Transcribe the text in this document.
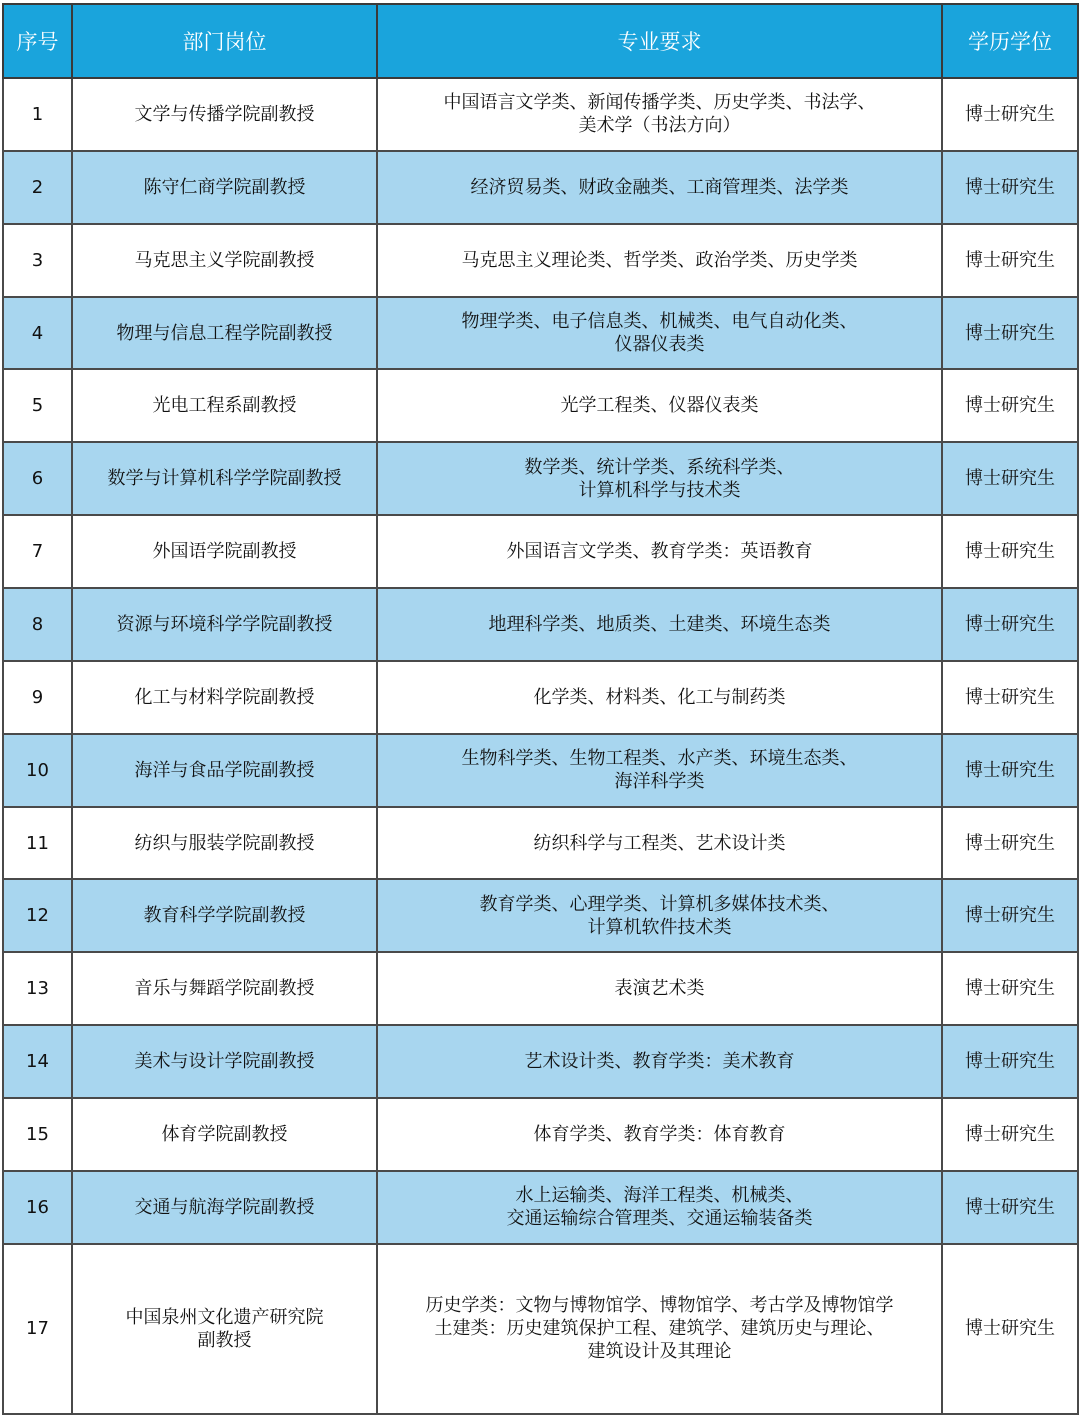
序号	部门岗位	专业要求	学历学位
1	文学与传播学院副教授	中国语言文学类、新闻传播学类、历史学类、书法学、
美术学（书法方向）	博士研究生
2	陈守仁商学院副教授	经济贸易类、财政金融类、工商管理类、法学类	博士研究生
3	马克思主义学院副教授	马克思主义理论类、哲学类、政治学类、历史学类	博士研究生
4	物理与信息工程学院副教授	物理学类、电子信息类、机械类、电气自动化类、
仪器仪表类	博士研究生
5	光电工程系副教授	光学工程类、仪器仪表类	博士研究生
6	数学与计算机科学学院副教授	数学类、统计学类、系统科学类、
计算机科学与技术类	博士研究生
7	外国语学院副教授	外国语言文学类、教育学类：英语教育	博士研究生
8	资源与环境科学学院副教授	地理科学类、地质类、土建类、环境生态类	博士研究生
9	化工与材料学院副教授	化学类、材料类、化工与制药类	博士研究生
10	海洋与食品学院副教授	生物科学类、生物工程类、水产类、环境生态类、
海洋科学类	博士研究生
11	纺织与服装学院副教授	纺织科学与工程类、艺术设计类	博士研究生
12	教育科学学院副教授	教育学类、心理学类、计算机多媒体技术类、
计算机软件技术类	博士研究生
13	音乐与舞蹈学院副教授	表演艺术类	博士研究生
14	美术与设计学院副教授	艺术设计类、教育学类：美术教育	博士研究生
15	体育学院副教授	体育学类、教育学类：体育教育	博士研究生
16	交通与航海学院副教授	水上运输类、海洋工程类、机械类、
交通运输综合管理类、交通运输装备类	博士研究生
17	中国泉州文化遗产研究院
副教授	历史学类：文物与博物馆学、博物馆学、考古学及博物馆学
土建类：历史建筑保护工程、建筑学、建筑历史与理论、
建筑设计及其理论	博士研究生
